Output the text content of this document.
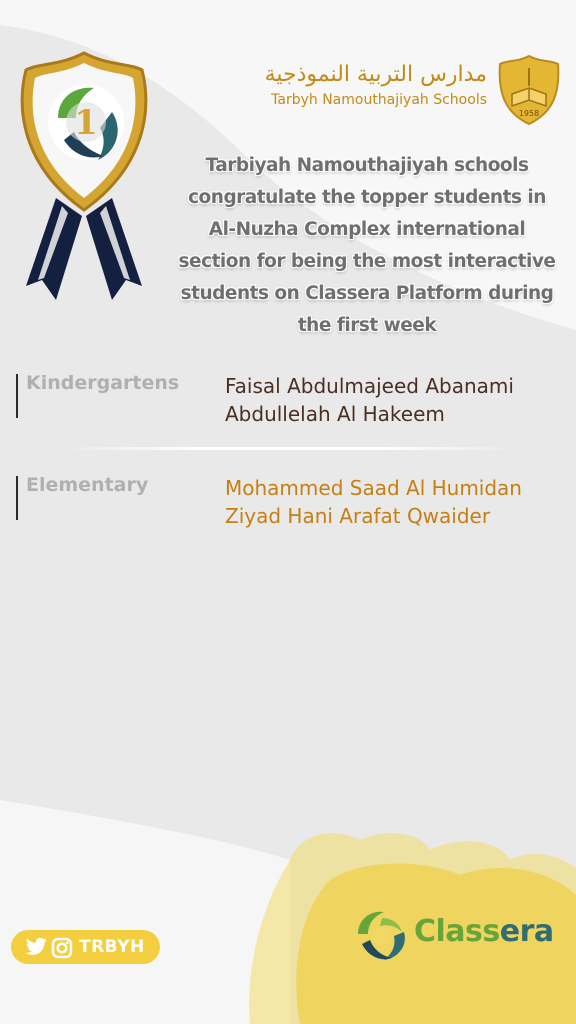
1
مدارس التربية النموذجية
Tarbyh Namouthajiyah Schools
1958
Tarbiyah Namouthajiyah schools
congratulate the topper students in
Al-Nuzha Complex international
section for being the most interactive
students on Classera Platform during
the first week
Kindergartens Faisal Abdulmajeed Abanami
Abdullelah Al Hakeem
Elementary	Mohammed Saad Al Humidan
Ziyad Hani Arafat Qwaider
TRBYH	Classera
